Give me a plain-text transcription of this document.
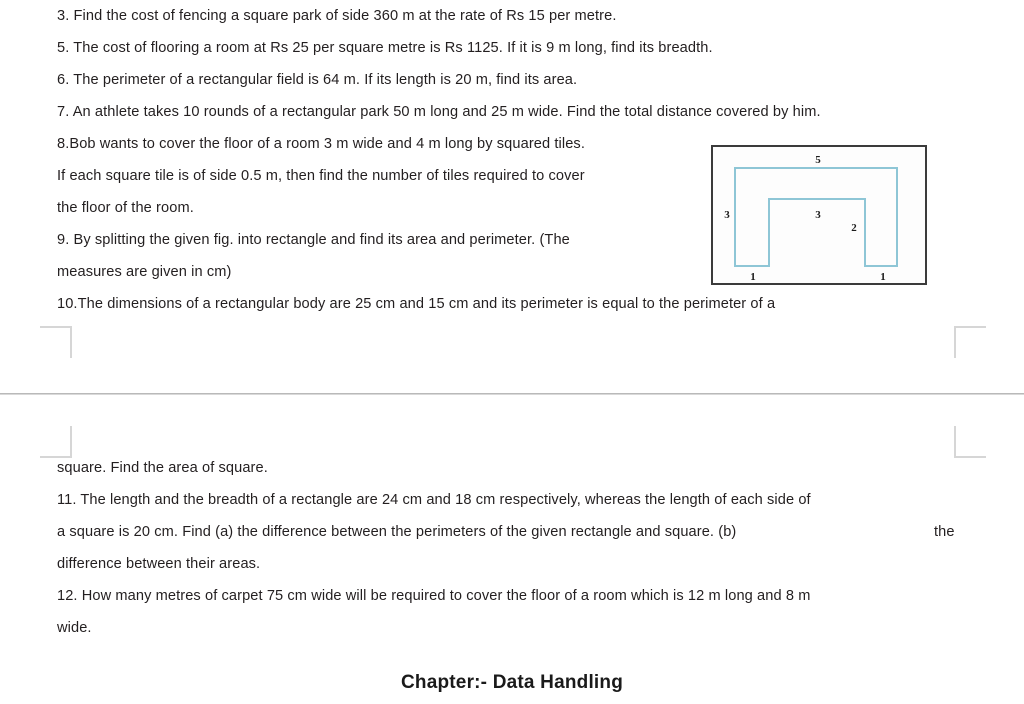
3. Find the cost of fencing a square park of side 360 m at the rate of Rs 15 per metre.
5. The cost of flooring a room at Rs 25 per square metre is Rs 1125. If it is 9 m long, find its breadth.
6. The perimeter of a rectangular field is 64 m. If its length is 20 m, find its area.
7. An athlete takes 10 rounds of a rectangular park 50 m long and 25 m wide. Find the total distance covered by him.
8.Bob wants to cover the floor of a room 3 m wide and 4 m long by squared tiles.
If each square tile is of side 0.5 m, then find the number of tiles required to cover
the floor of the room.
9. By splitting the given fig. into rectangle and find its area and perimeter. (The
measures are given in cm)
10.The dimensions of a rectangular body are 25 cm and 15 cm and its perimeter is equal to the perimeter of a
5
3	3
2
1	1
square. Find the area of square.
11. The length and the breadth of a rectangle are 24 cm and 18 cm respectively, whereas the length of each side of
a square is 20 cm. Find (a) the difference between the perimeters of the given rectangle and square. (b)	the
difference between their areas.
12. How many metres of carpet 75 cm wide will be required to cover the floor of a room which is 12 m long and 8 m
wide.
Chapter:- Data Handling
